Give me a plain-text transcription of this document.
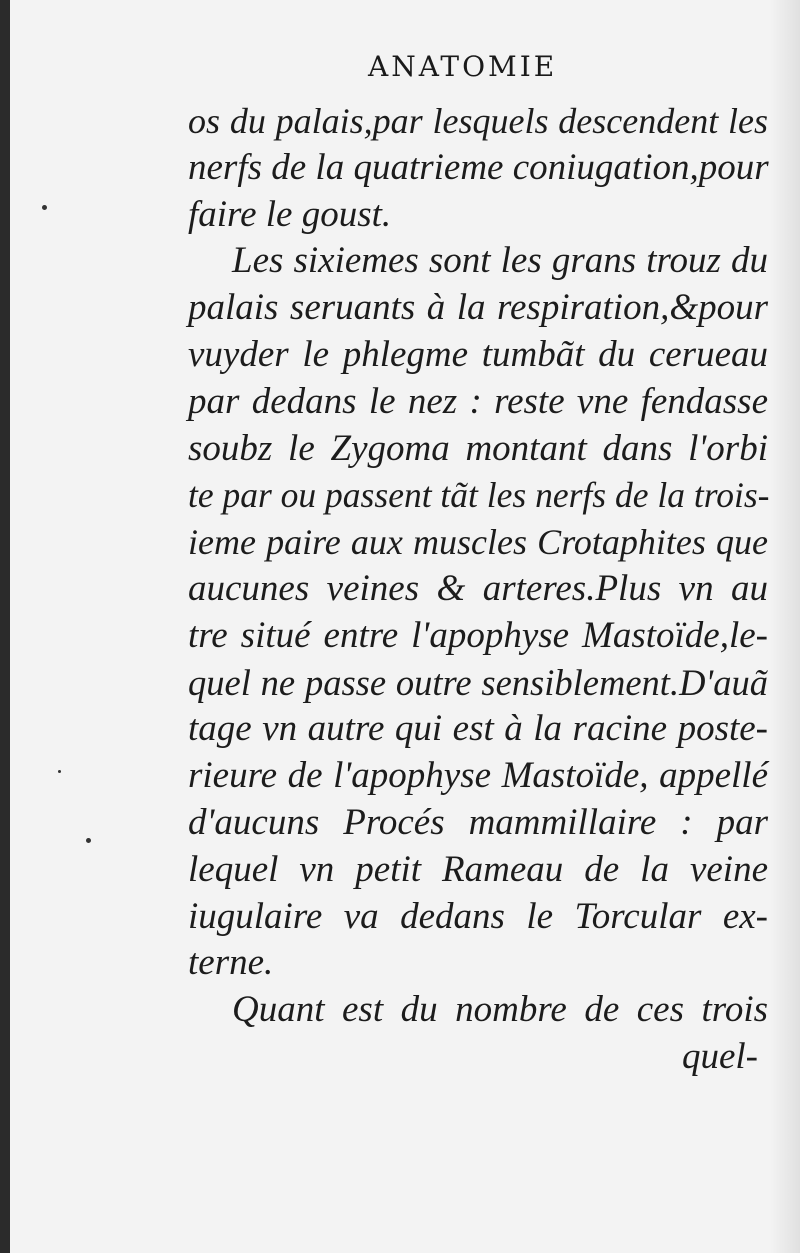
ANATOMIE
os du palais,par lesquels descendent les
nerfs de la quatrieme coniugation,pour
faire le goust.
Les sixiemes sont les grans trouz du
palais seruants à la respiration,&pour
vuyder le phlegme tumbãt du cerueau
par dedans le nez : reste vne fendasse
soubz le Zygoma montant dans l'orbi
te par ou passent tãt les nerfs de la trois-
ieme paire aux muscles Crotaphites que
aucunes veines & arteres.Plus vn au
tre situé entre l'apophyse Mastoïde,le-
quel ne passe outre sensiblement.D'auã
tage vn autre qui est à la racine poste-
rieure de l'apophyse Mastoïde, appellé
d'aucuns Procés mammillaire : par
lequel vn petit Rameau de la veine
iugulaire va dedans le Torcular ex-
terne.
Quant est du nombre de ces trois
quel-
